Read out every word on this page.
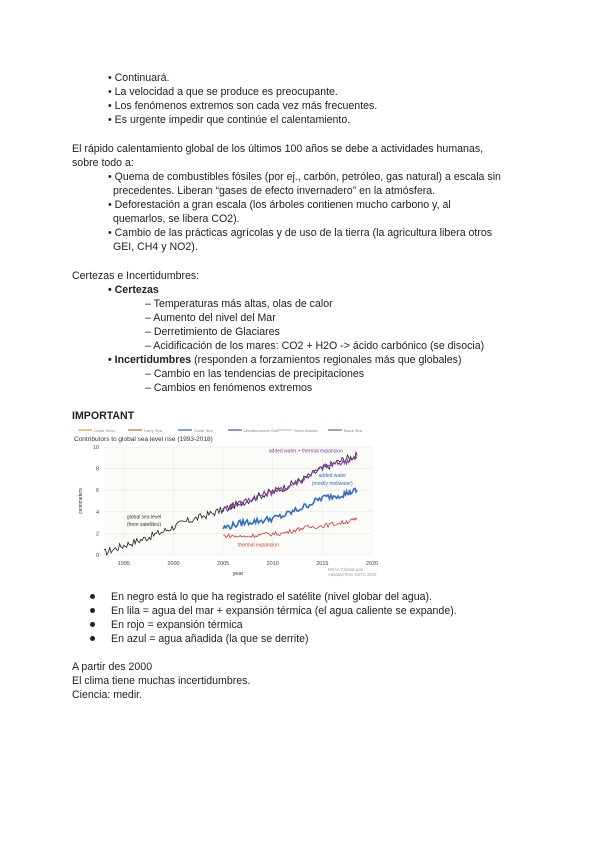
• Continuará.
• La velocidad a que se produce es preocupante.
• Los fenómenos extremos son cada vez más frecuentes.
• Es urgente impedir que continúe el calentamiento.
El rápido calentamiento global de los últimos 100 años se debe a actividades humanas,
sobre todo a:
• Quema de combustibles fósiles (por ej., carbón, petróleo, gas natural) a escala sin
precedentes. Liberan “gases de efecto invernadero” en la atmósfera.
• Deforestación a gran escala (los árboles contienen mucho carbono y, al
quemarlos, se libera CO2).
• Cambio de las prácticas agrícolas y de uso de la tierra (la agricultura libera otros
GEI, CH4 y NO2).
Certezas e Incertidumbres:
• Certezas
– Temperaturas más altas, olas de calor
– Aumento del nivel del Mar
– Derretimiento de Glaciares
– Acidificación de los mares: CO2 + H2O -> ácido carbónico (se disocia)
• Incertidumbres (responden a forzamientos regionales más que globales)
– Cambio en las tendencias de precipitaciones
– Cambios en fenómenos extremos
IMPORTANT
Dollar Sean	Harry Sea	Dollar Sea	Mediterranean Sea	North Atlantic	Black Sea
Contributors to global sea level rise (1993-2018)
0
2
4
6
8
10
1995	2000	2005	2010	2015	2020
centimeters
year
added water + thermal expansion
added water
(mostly meltwater)
global sea level
(from satellites)
thermal expansion
NOAA Climate.gov
Adapted from SOTC 2018
En negro está lo que ha registrado el satélite (nivel globar del agua).
En lila = agua del mar + expansión térmica (el agua caliente se expande).
En rojo = expansión térmica
En azul = agua añadida (la que se derrite)
A partir des 2000
El clima tiene muchas incertidumbres.
Ciencia: medir.
